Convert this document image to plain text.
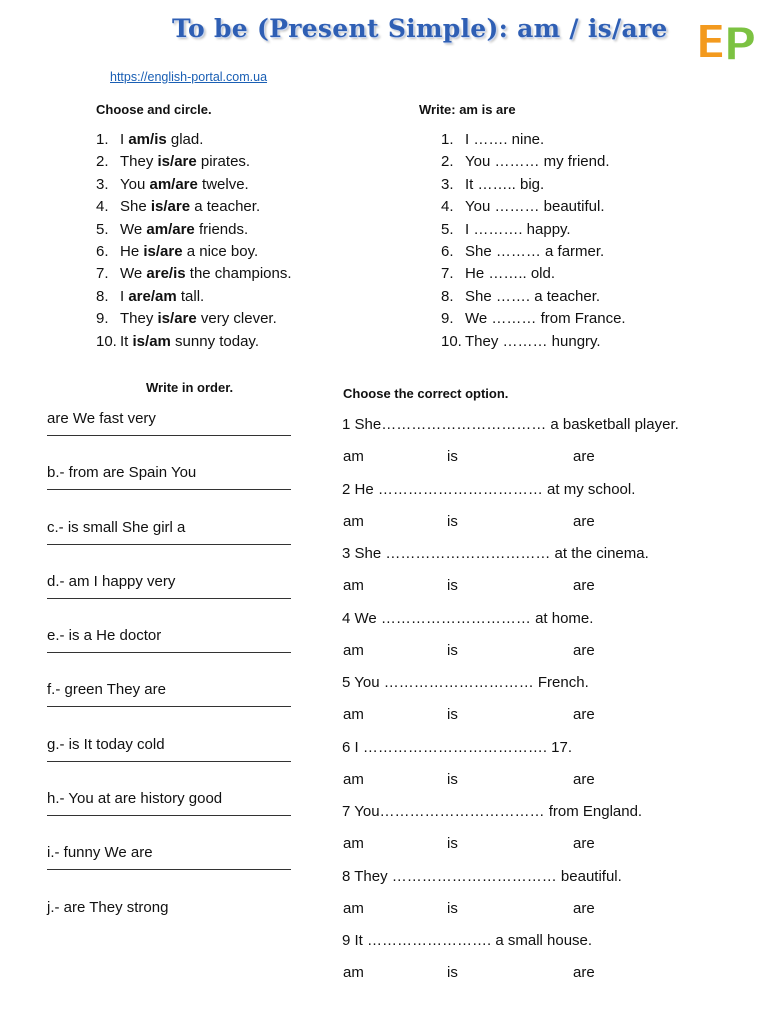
To be (Present Simple): am / is/are E
P
https://english-portal.com.ua
Choose and circle.
1. I am/is glad.
2. They is/are pirates.
3. You am/are twelve.
4. She is/are a teacher.
5. We am/are friends.
6. He is/are a nice boy.
7. We are/is the champions.
8. I are/am tall.
9. They is/are very clever.
10. It is/am sunny today.
Write: am is are
1. I ……. nine.
2. You ……… my friend.
3. It …….. big.
4. You ……… beautiful.
5. I ………. happy.
6. She ……… a farmer.
7. He …….. old.
8. She ……. a teacher.
9. We ……… from France.
10. They ……… hungry.
Write in order.
are We fast very
b.- from are Spain You
c.- is small She girl a
d.- am I happy very
e.- is a He doctor
f.- green They are
g.- is It today cold
h.- You at are history good
i.- funny We are
j.- are They strong
Choose the correct option.
1 She…………………………… a basketball player.
am	is	are
2 He …………………………… at my school.
am	is	are
3 She …………………………… at the cinema.
am	is	are
4 We ………………………… at home.
am	is	are
5 You ………………………… French.
am	is	are
6 I ………………………………. 17.
am	is	are
7 You…………………………… from England.
am	is	are
8 They …………………………… beautiful.
am	is	are
9 It ……………………. a small house.
am	is	are
